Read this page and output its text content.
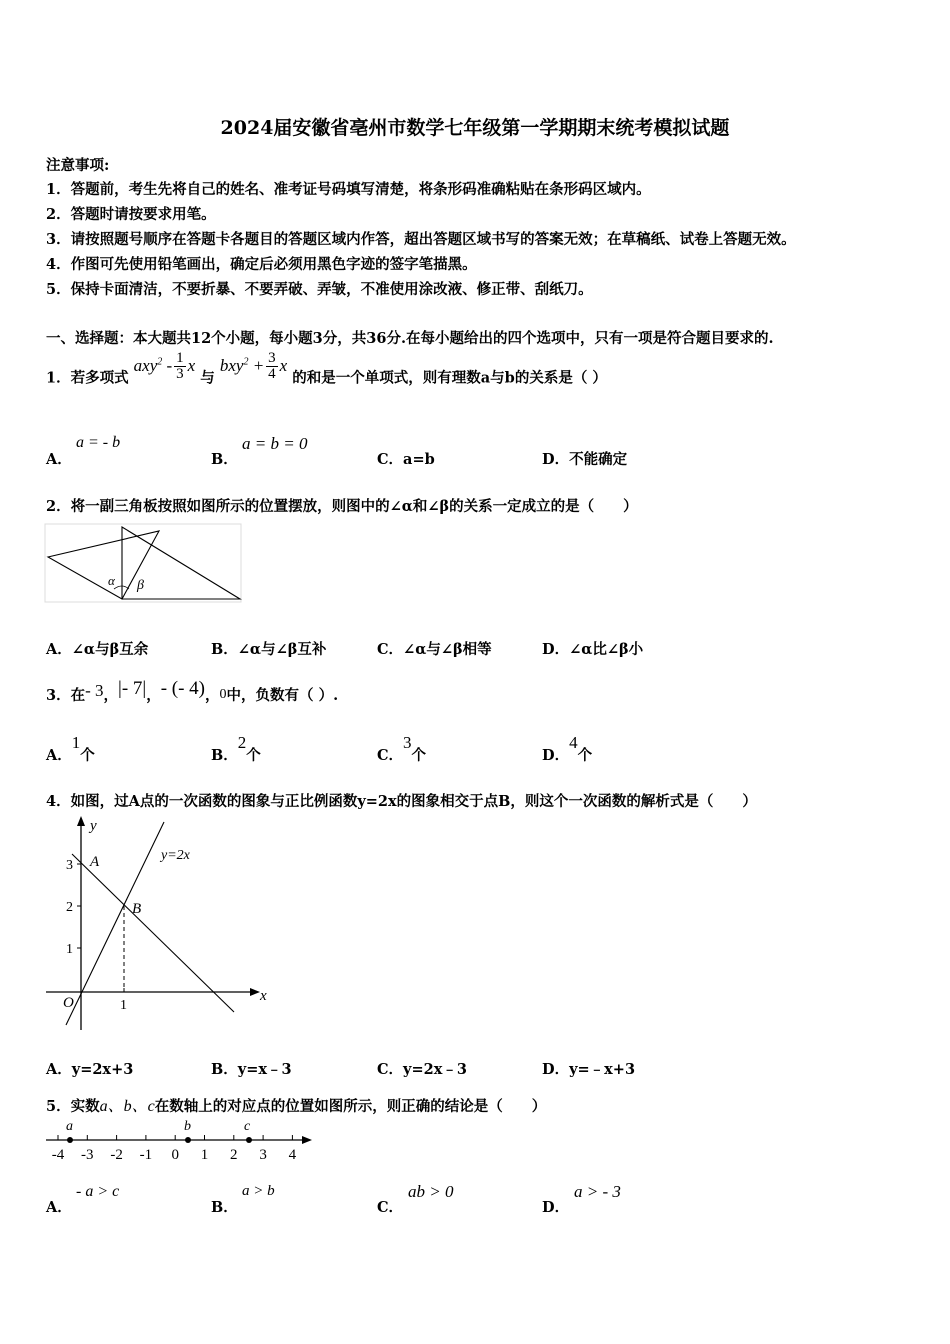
2024届安徽省亳州市数学七年级第一学期期末统考模拟试题
注意事项:
1．答题前，考生先将自己的姓名、准考证号码填写清楚，将条形码准确粘贴在条形码区域内。
2．答题时请按要求用笔。
3．请按照题号顺序在答题卡各题目的答题区域内作答，超出答题区域书写的答案无效；在草稿纸、试卷上答题无效。
4．作图可先使用铅笔画出，确定后必须用黑色字迹的签字笔描黑。
5．保持卡面清洁，不要折暴、不要弄破、弄皱，不准使用涂改液、修正带、刮纸刀。
一、选择题：本大题共12个小题，每小题3分，共36分.在每小题给出的四个选项中，只有一项是符合题目要求的.
1．若多项式 $axy^2 - \frac{1}{3}$ x 与 $bxy^2 + \frac{3}{4}$ x 的和是一个单项式，则有理数a与b的关系是（ ）
A．
a = - b
B．
a = b = 0
C．a=b	D．不能确定
2．将一副三角板按照如图所示的位置摆放，则图中的∠α和∠β的关系一定成立的是（　　）
α β
A．∠α与β互余	B．∠α与∠β互补	C．∠α与∠β相等	D．∠α比∠β小
3．在- 3，|- 7|，- (- 4)，0中，负数有（ ）.
A．1个	B．2个	C．3个	D．4个
4．如图，过A点的一次函数的图象与正比例函数y=2x的图象相交于点B，则这个一次函数的解析式是（　　）
y
x
O
A
B
y=2x
3
2
1
1
A．y=2x+3	B．y=x﹣3	C．y=2x﹣3	D．y=﹣x+3
5．实数a、b、c在数轴上的对应点的位置如图所示，则正确的结论是（　　）
-4 -3 -2 -1 0 1 2 3 4
a	b	c
A．
- a > c
B．
a > b
C．
ab > 0
D．
a > - 3
